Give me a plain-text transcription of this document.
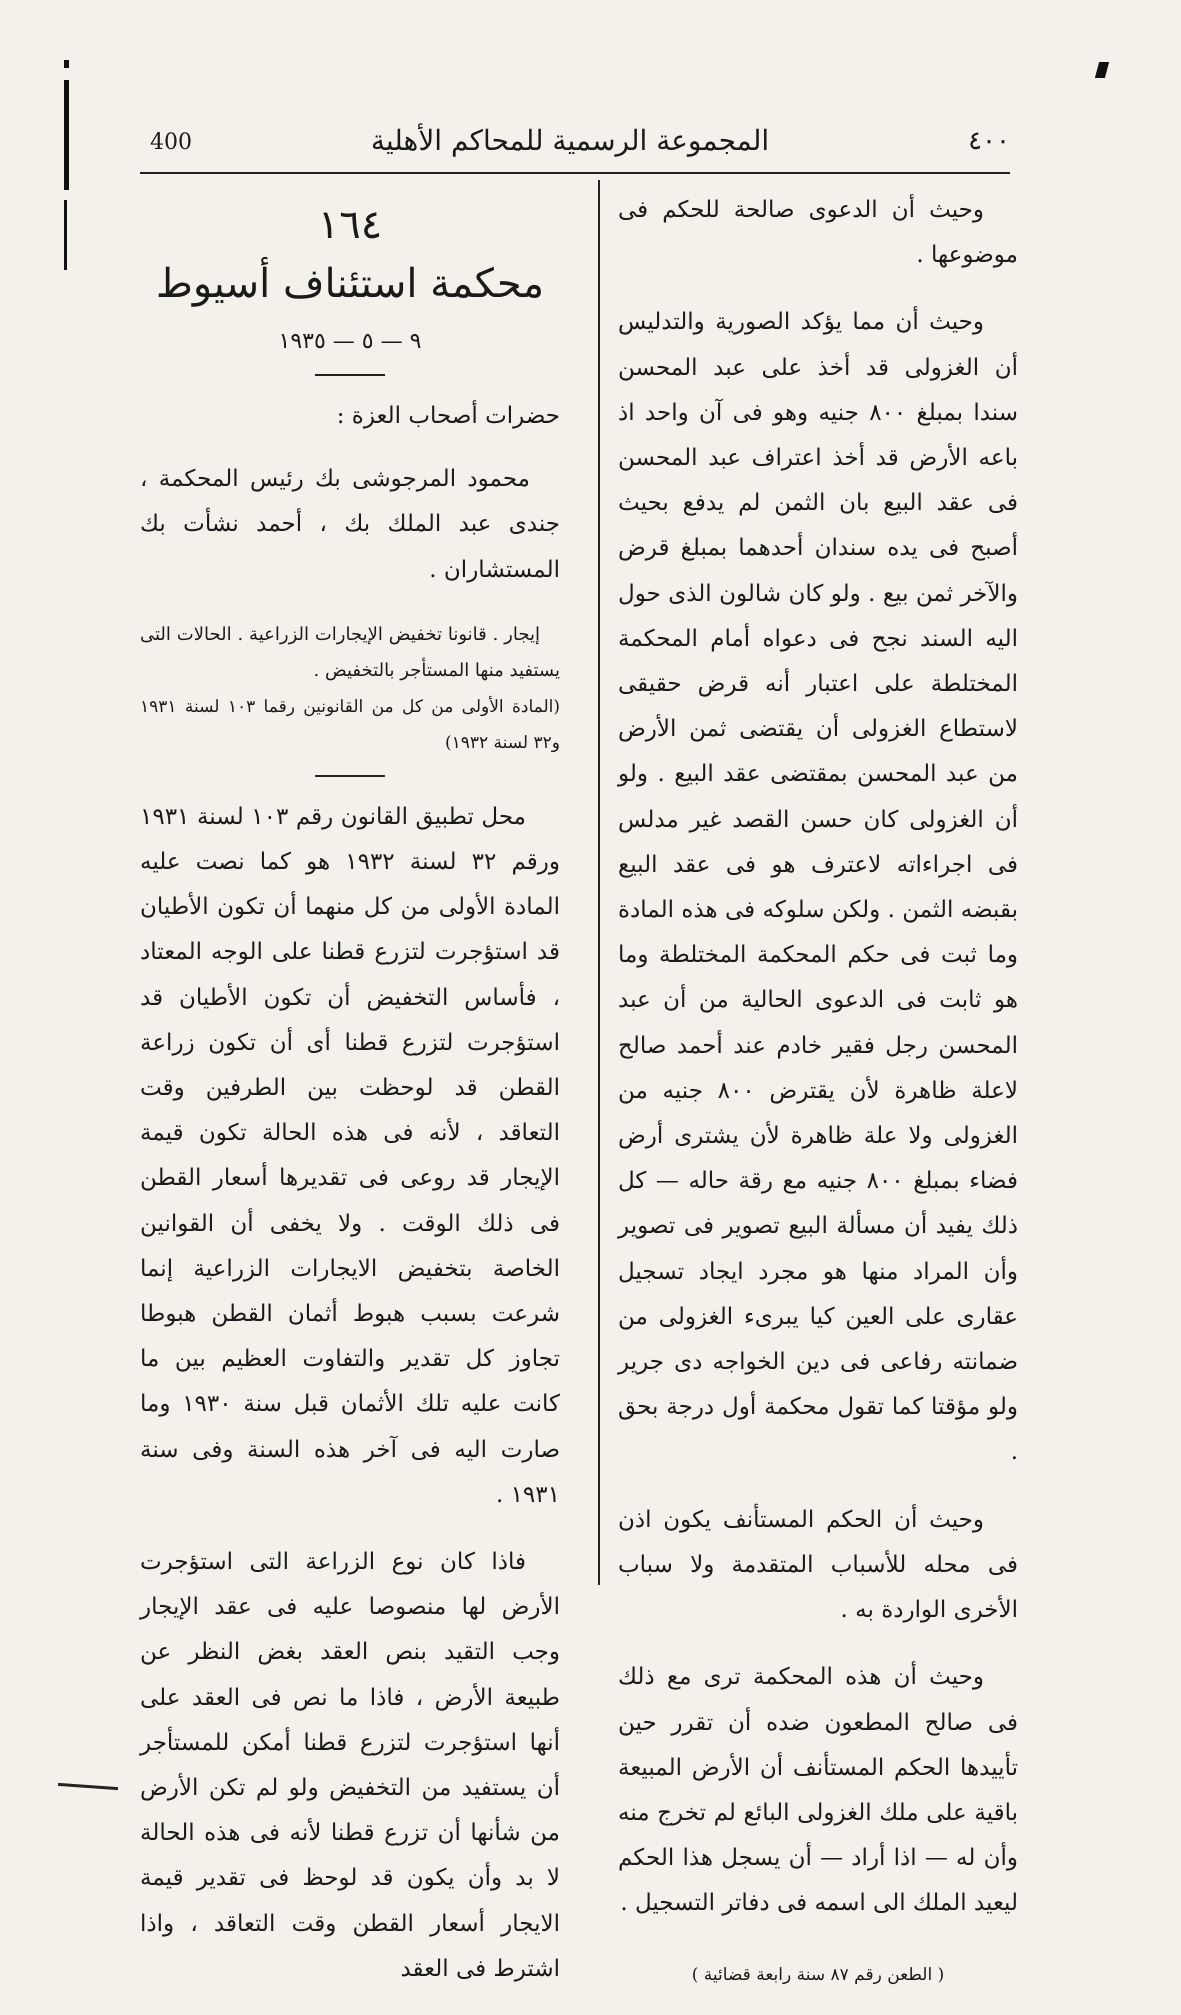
400	المجموعة الرسمية للمحاكم الأهلية	٤٠٠

وحيث أن الدعوى صالحة للحكم فى موضوعها .

وحيث أن مما يؤكد الصورية والتدليس أن الغزولى قد أخذ على عبد المحسن سندا بمبلغ ٨٠٠ جنيه وهو فى آن واحد اذ باعه الأرض قد أخذ اعتراف عبد المحسن فى عقد البيع بان الثمن لم يدفع بحيث أصبح فى يده سندان أحدهما بمبلغ قرض والآخر ثمن بيع . ولو كان شالون الذى حول اليه السند نجح فى دعواه أمام المحكمة المختلطة على اعتبار أنه قرض حقيقى لاستطاع الغزولى أن يقتضى ثمن الأرض من عبد المحسن بمقتضى عقد البيع . ولو أن الغزولى كان حسن القصد غير مدلس فى اجراءاته لاعترف هو فى عقد البيع بقبضه الثمن . ولكن سلوكه فى هذه المادة وما ثبت فى حكم المحكمة المختلطة وما هو ثابت فى الدعوى الحالية من أن عبد المحسن رجل فقير خادم عند أحمد صالح لاعلة ظاهرة لأن يقترض ٨٠٠ جنيه من الغزولى ولا علة ظاهرة لأن يشترى أرض فضاء بمبلغ ٨٠٠ جنيه مع رقة حاله — كل ذلك يفيد أن مسألة البيع تصوير فى تصوير وأن المراد منها هو مجرد ايجاد تسجيل عقارى على العين كيا يبرىء الغزولى من ضمانته رفاعى فى دين الخواجه دى جرير ولو مؤقتا كما تقول محكمة أول درجة بحق .

وحيث أن الحكم المستأنف يكون اذن فى محله للأسباب المتقدمة ولا سباب الأخرى الواردة به .

وحيث أن هذه المحكمة ترى مع ذلك فى صالح المطعون ضده أن تقرر حين تأييدها الحكم المستأنف أن الأرض المبيعة باقية على ملك الغزولى البائع لم تخرج منه وأن له — اذا أراد — أن يسجل هذا الحكم ليعيد الملك الى اسمه فى دفاتر التسجيل .

( الطعن رقم ٨٧ سنة رابعة قضائية )

١٦٤

محكمة استئناف أسيوط

٩ — ٥ — ١٩٣٥

حضرات أصحاب العزة :

محمود المرجوشى بك رئيس المحكمة ، جندى عبد الملك بك ، أحمد نشأت بك المستشاران .

إيجار . قانونا تخفيض الإيجارات الزراعية . الحالات التى يستفيد منها المستأجر بالتخفيض .

(المادة الأولى من كل من القانونين رقما ١٠٣ لسنة ١٩٣١ و٣٢ لسنة ١٩٣٢)

محل تطبيق القانون رقم ١٠٣ لسنة ١٩٣١ ورقم ٣٢ لسنة ١٩٣٢ هو كما نصت عليه المادة الأولى من كل منهما أن تكون الأطيان قد استؤجرت لتزرع قطنا على الوجه المعتاد ، فأساس التخفيض أن تكون الأطيان قد استؤجرت لتزرع قطنا أى أن تكون زراعة القطن قد لوحظت بين الطرفين وقت التعاقد ، لأنه فى هذه الحالة تكون قيمة الإيجار قد روعى فى تقديرها أسعار القطن فى ذلك الوقت . ولا يخفى أن القوانين الخاصة بتخفيض الايجارات الزراعية إنما شرعت بسبب هبوط أثمان القطن هبوطا تجاوز كل تقدير والتفاوت العظيم بين ما كانت عليه تلك الأثمان قبل سنة ١٩٣٠ وما صارت اليه فى آخر هذه السنة وفى سنة ١٩٣١ .

فاذا كان نوع الزراعة التى استؤجرت الأرض لها منصوصا عليه فى عقد الإيجار وجب التقيد بنص العقد بغض النظر عن طبيعة الأرض ، فاذا ما نص فى العقد على أنها استؤجرت لتزرع قطنا أمكن للمستأجر أن يستفيد من التخفيض ولو لم تكن الأرض من شأنها أن تزرع قطنا لأنه فى هذه الحالة لا بد وأن يكون قد لوحظ فى تقدير قيمة الايجار أسعار القطن وقت التعاقد ، واذا اشترط فى العقد
